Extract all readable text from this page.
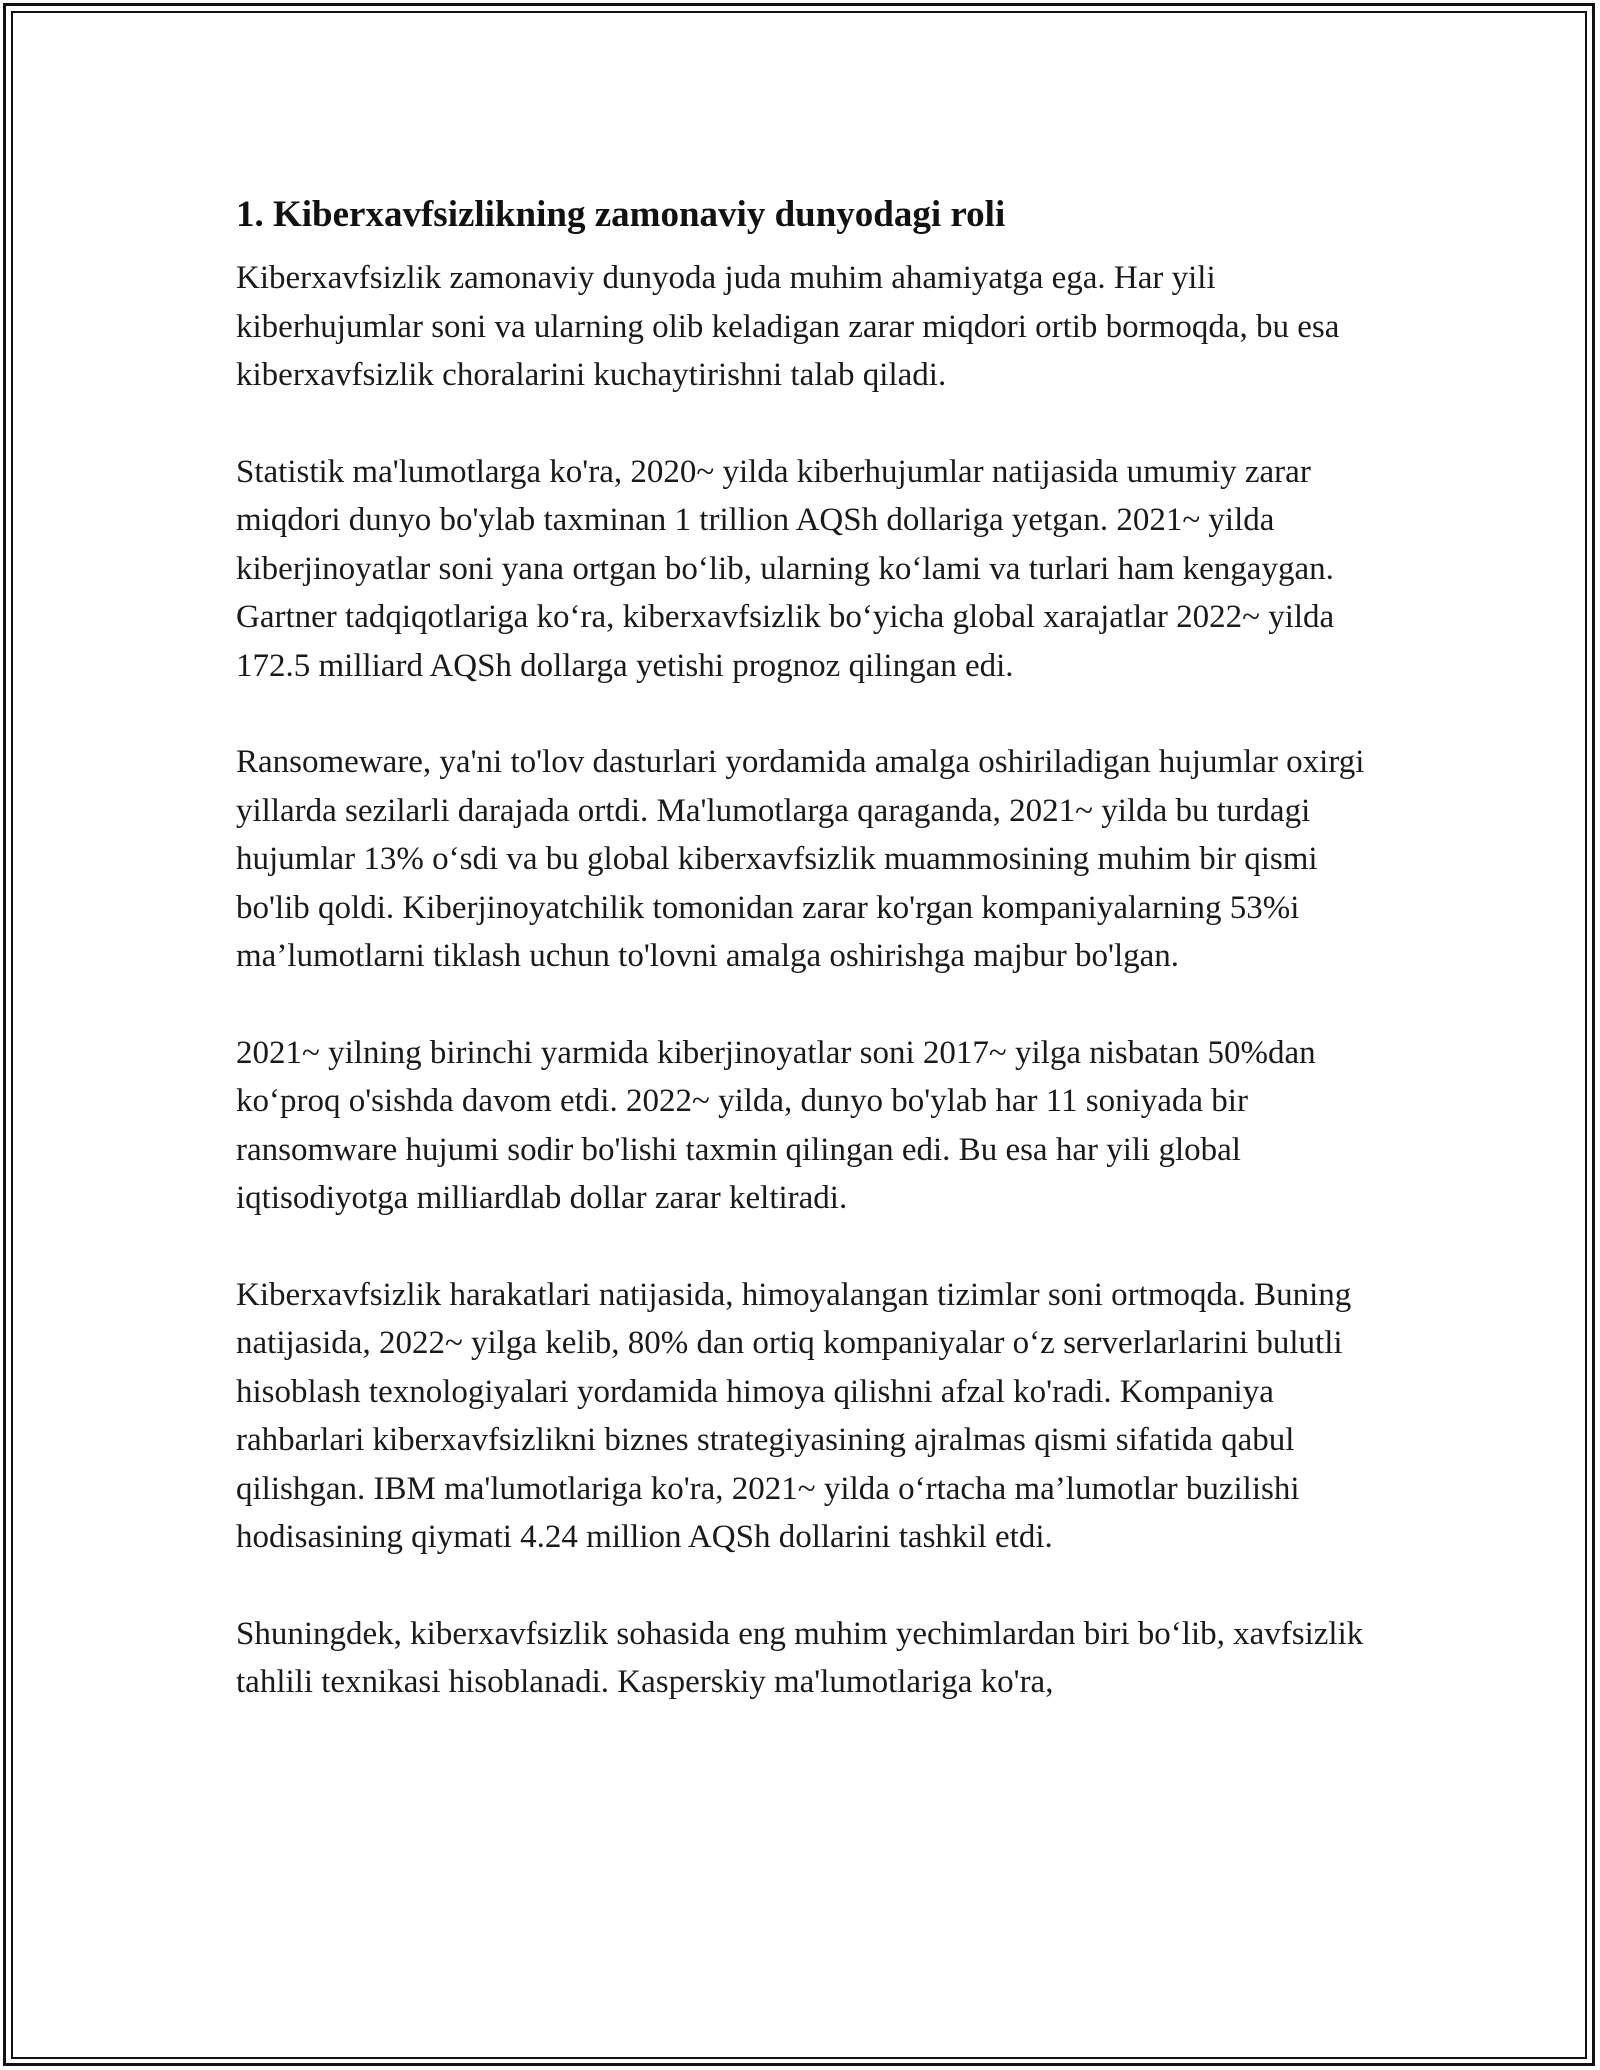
1. Kiberxavfsizlikning zamonaviy dunyodagi roli

Kiberxavfsizlik zamonaviy dunyoda juda muhim ahamiyatga ega. Har yili kiberhujumlar soni va ularning olib keladigan zarar miqdori ortib bormoqda, bu esa kiberxavfsizlik choralarini kuchaytirishni talab qiladi.

Statistik ma'lumotlarga ko'ra, 2020~ yilda kiberhujumlar natijasida umumiy zarar miqdori dunyo bo'ylab taxminan 1 trillion AQSh dollariga yetgan. 2021~ yilda kiberjinoyatlar soni yana ortgan bo‘lib, ularning ko‘lami va turlari ham kengaygan. Gartner tadqiqotlariga ko‘ra, kiberxavfsizlik bo‘yicha global xarajatlar 2022~ yilda 172.5 milliard AQSh dollarga yetishi prognoz qilingan edi.

Ransomeware, ya'ni to'lov dasturlari yordamida amalga oshiriladigan hujumlar oxirgi yillarda sezilarli darajada ortdi. Ma'lumotlarga qaraganda, 2021~ yilda bu turdagi hujumlar 13% o‘sdi va bu global kiberxavfsizlik muammosining muhim bir qismi bo'lib qoldi. Kiberjinoyatchilik tomonidan zarar ko'rgan kompaniyalarning 53%i ma’lumotlarni tiklash uchun to'lovni amalga oshirishga majbur bo'lgan.

2021~ yilning birinchi yarmida kiberjinoyatlar soni 2017~ yilga nisbatan 50%dan ko‘proq o'sishda davom etdi. 2022~ yilda, dunyo bo'ylab har 11 soniyada bir ransomware hujumi sodir bo'lishi taxmin qilingan edi. Bu esa har yili global iqtisodiyotga milliardlab dollar zarar keltiradi.

Kiberxavfsizlik harakatlari natijasida, himoyalangan tizimlar soni ortmoqda. Buning natijasida, 2022~ yilga kelib, 80% dan ortiq kompaniyalar o‘z serverlarlarini bulutli hisoblash texnologiyalari yordamida himoya qilishni afzal ko'radi. Kompaniya rahbarlari kiberxavfsizlikni biznes strategiyasining ajralmas qismi sifatida qabul qilishgan. IBM ma'lumotlariga ko'ra, 2021~ yilda o‘rtacha ma’lumotlar buzilishi hodisasining qiymati 4.24 million AQSh dollarini tashkil etdi.

Shuningdek, kiberxavfsizlik sohasida eng muhim yechimlardan biri bo‘lib, xavfsizlik tahlili texnikasi hisoblanadi. Kasperskiy ma'lumotlariga ko'ra,
